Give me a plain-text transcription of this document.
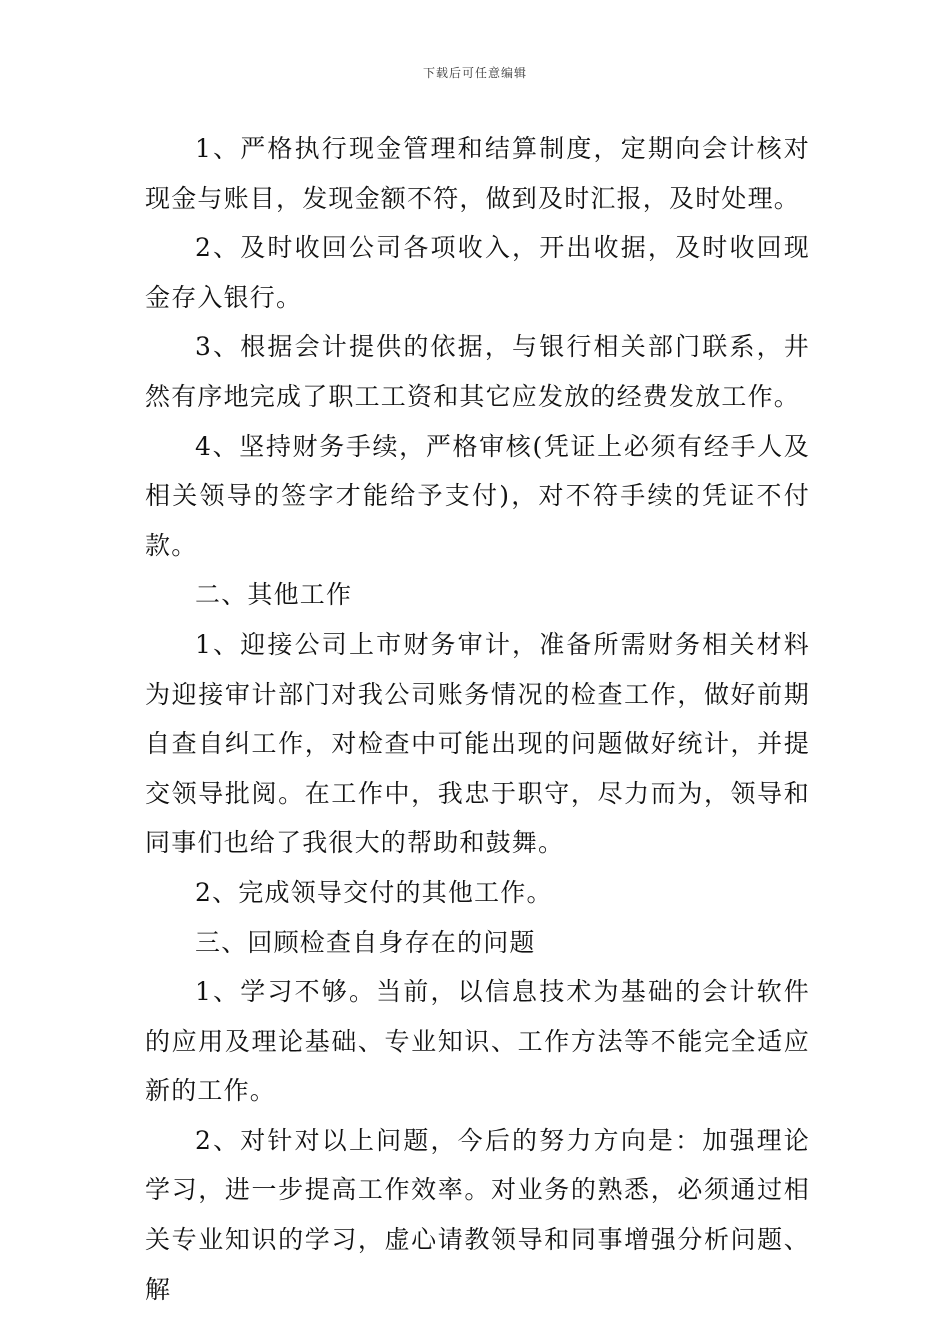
下载后可任意编辑

1、严格执行现金管理和结算制度，定期向会计核对现金与账目，发现金额不符，做到及时汇报，及时处理。

2、及时收回公司各项收入，开出收据，及时收回现金存入银行。

3、根据会计提供的依据，与银行相关部门联系，井然有序地完成了职工工资和其它应发放的经费发放工作。

4、坚持财务手续，严格审核(凭证上必须有经手人及相关领导的签字才能给予支付)，对不符手续的凭证不付款。

二、其他工作

1、迎接公司上市财务审计，准备所需财务相关材料为迎接审计部门对我公司账务情况的检查工作，做好前期自查自纠工作，对检查中可能出现的问题做好统计，并提交领导批阅。在工作中，我忠于职守，尽力而为，领导和同事们也给了我很大的帮助和鼓舞。

2、完成领导交付的其他工作。

三、回顾检查自身存在的问题

1、学习不够。当前，以信息技术为基础的会计软件的应用及理论基础、专业知识、工作方法等不能完全适应新的工作。

2、对针对以上问题，今后的努力方向是：加强理论学习，进一步提高工作效率。对业务的熟悉，必须通过相关专业知识的学习，虚心请教领导和同事增强分析问题、解
